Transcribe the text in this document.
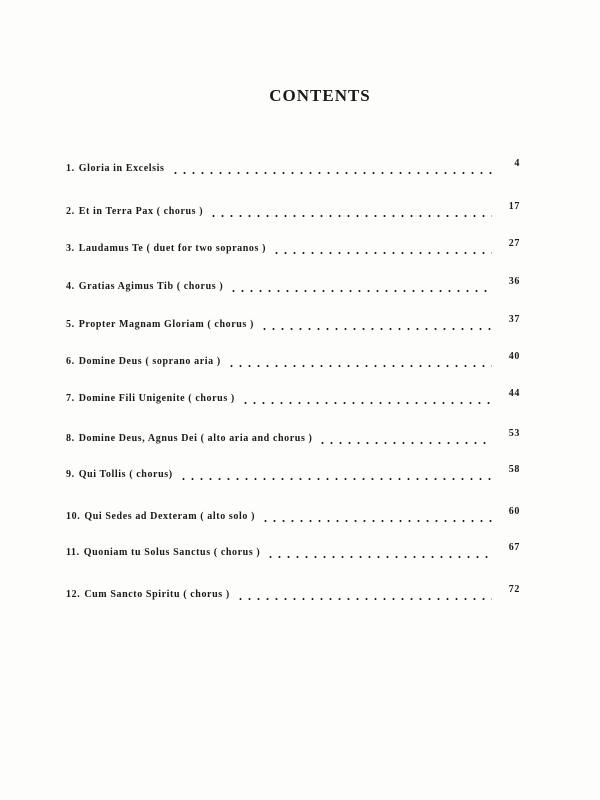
CONTENTS
1. Gloria in Excelsis	4
2. Et in Terra Pax ( chorus )	17
3. Laudamus Te ( duet for two sopranos )	27
4. Gratias Agimus Tib ( chorus )	36
5. Propter Magnam Gloriam ( chorus )	37
6. Domine Deus ( soprano aria )	40
7. Domine Fili Unigenite ( chorus )	44
8. Domine Deus, Agnus Dei ( alto aria and chorus )	53
9. Qui Tollis ( chorus)	58
10. Qui Sedes ad Dexteram ( alto solo )	60
11. Quoniam tu Solus Sanctus ( chorus )	67
12. Cum Sancto Spiritu ( chorus )	72
